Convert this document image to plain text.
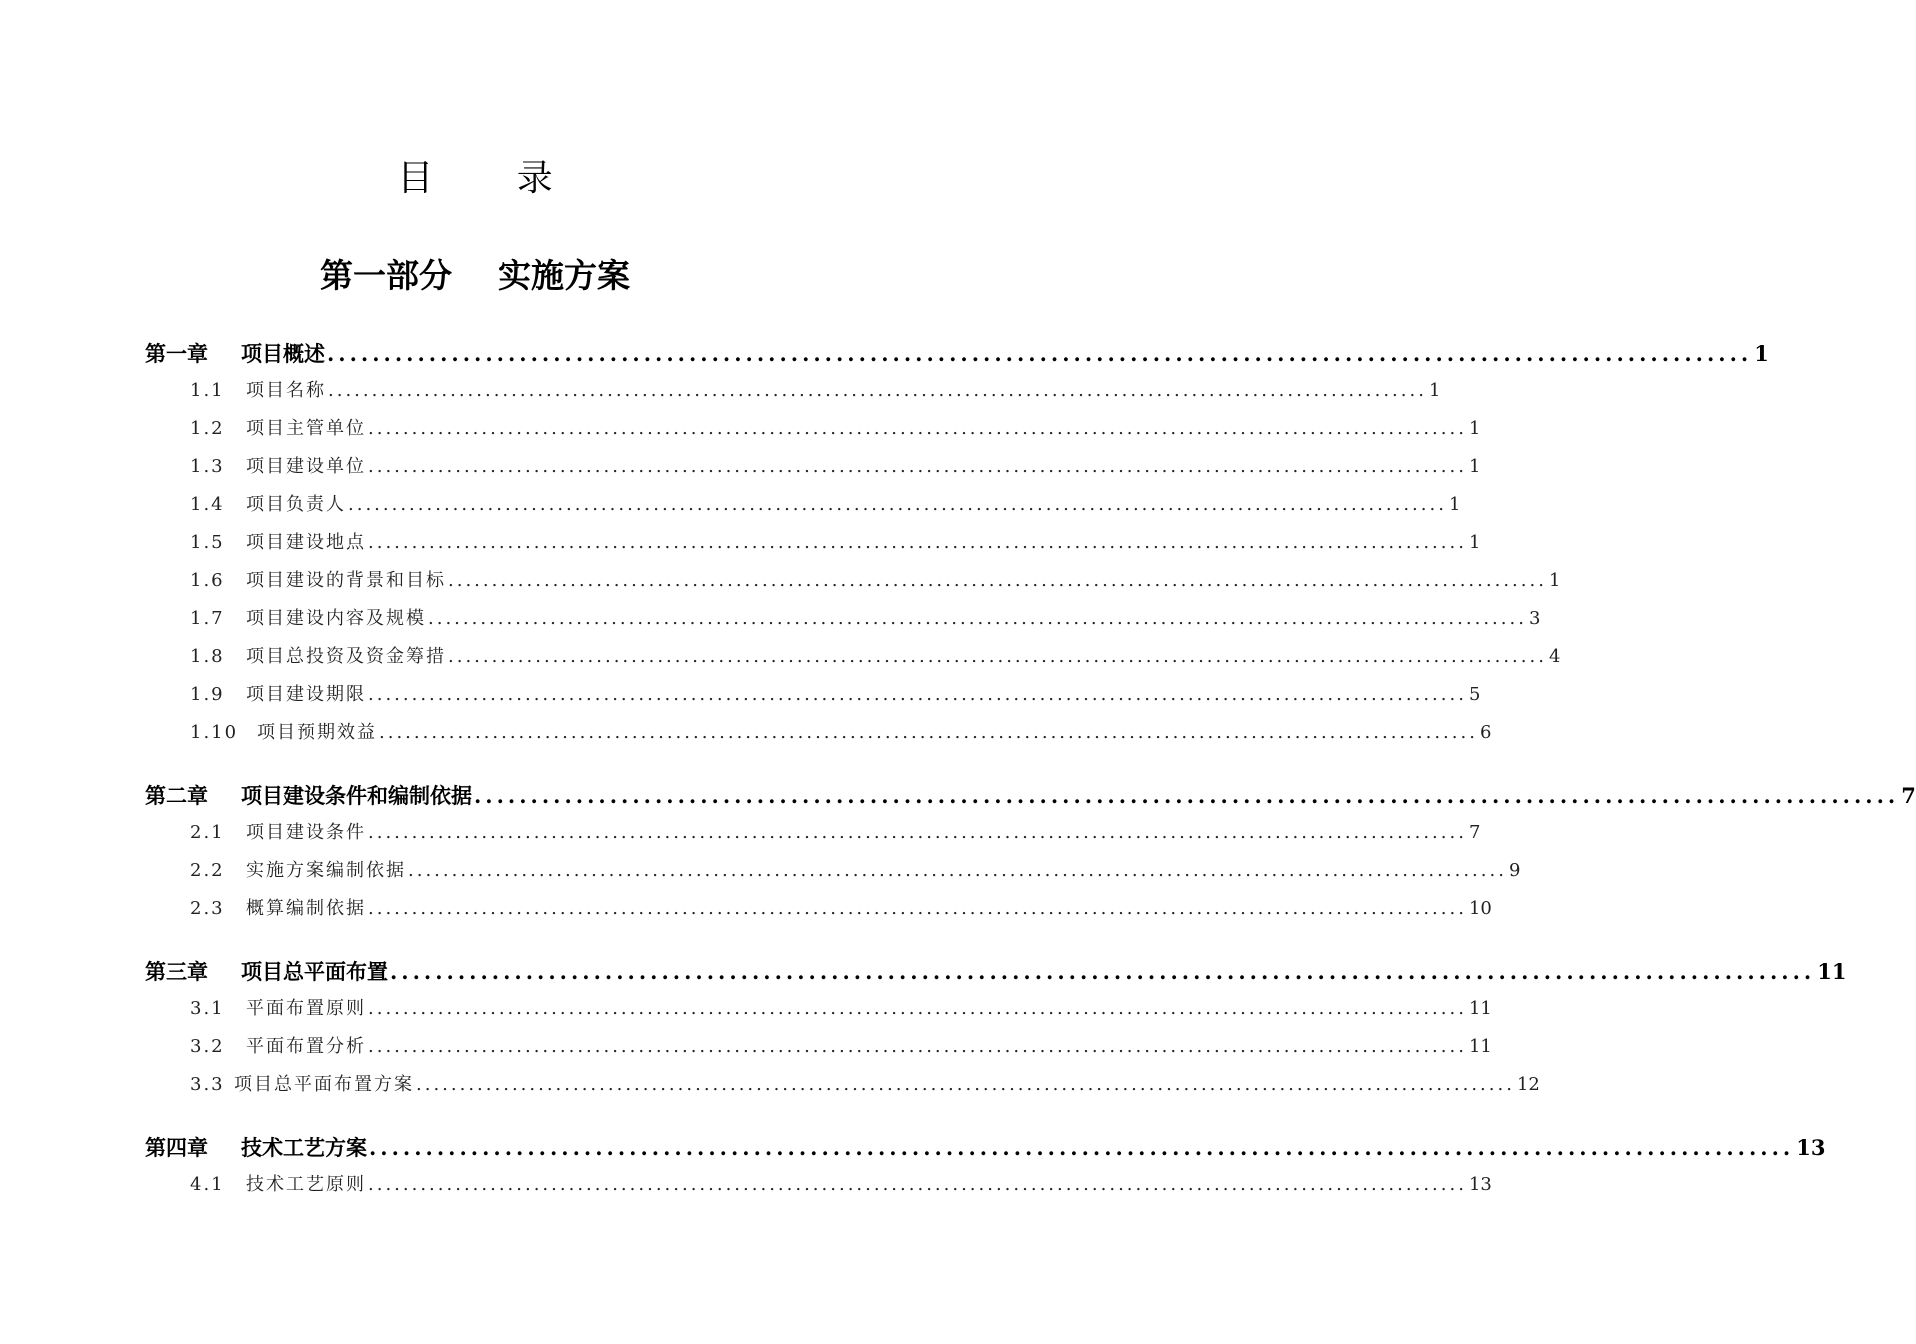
目 录
第一部分    实施方案
第一章	项目概述 .............................................................................................................................. 1
1.1	项目名称 .............................................................................................................................. 1
1.2	项目主管单位 .............................................................................................................................. 1
1.3	项目建设单位 .............................................................................................................................. 1
1.4	项目负责人 .............................................................................................................................. 1
1.5	项目建设地点 .............................................................................................................................. 1
1.6	项目建设的背景和目标 .............................................................................................................................. 1
1.7	项目建设内容及规模 .............................................................................................................................. 3
1.8	项目总投资及资金筹措 .............................................................................................................................. 4
1.9	项目建设期限 .............................................................................................................................. 5
1.10	项目预期效益 .............................................................................................................................. 6
第二章	项目建设条件和编制依据 .............................................................................................................................. 7
2.1	项目建设条件 .............................................................................................................................. 7
2.2	实施方案编制依据 .............................................................................................................................. 9
2.3	概算编制依据 .............................................................................................................................. 10
第三章	项目总平面布置 .............................................................................................................................. 11
3.1	平面布置原则 .............................................................................................................................. 11
3.2	平面布置分析 .............................................................................................................................. 11
3.3 项目总平面布置方案 .............................................................................................................................. 12
第四章	技术工艺方案 .............................................................................................................................. 13
4.1	技术工艺原则 .............................................................................................................................. 13
